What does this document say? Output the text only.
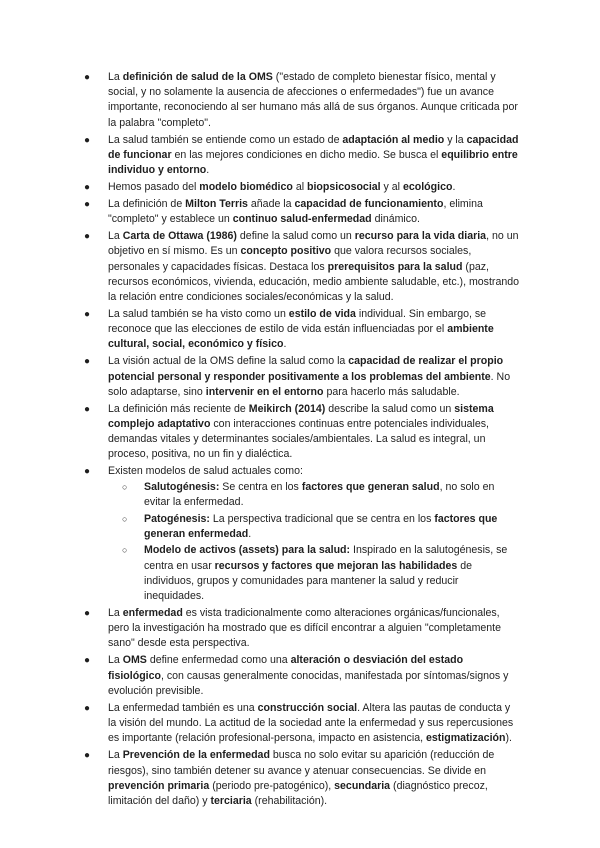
● La definición de salud de la OMS ("estado de completo bienestar físico, mental y social, y no solamente la ausencia de afecciones o enfermedades") fue un avance importante, reconociendo al ser humano más allá de sus órganos. Aunque criticada por la palabra "completo".
● La salud también se entiende como un estado de adaptación al medio y la capacidad de funcionar en las mejores condiciones en dicho medio. Se busca el equilibrio entre individuo y entorno.
● Hemos pasado del modelo biomédico al biopsicosocial y al ecológico.
● La definición de Milton Terris añade la capacidad de funcionamiento, elimina "completo" y establece un continuo salud-enfermedad dinámico.
● La Carta de Ottawa (1986) define la salud como un recurso para la vida diaria, no un objetivo en sí mismo. Es un concepto positivo que valora recursos sociales, personales y capacidades físicas. Destaca los prerequisitos para la salud (paz, recursos económicos, vivienda, educación, medio ambiente saludable, etc.), mostrando la relación entre condiciones sociales/económicas y la salud.
● La salud también se ha visto como un estilo de vida individual. Sin embargo, se reconoce que las elecciones de estilo de vida están influenciadas por el ambiente cultural, social, económico y físico.
● La visión actual de la OMS define la salud como la capacidad de realizar el propio potencial personal y responder positivamente a los problemas del ambiente. No solo adaptarse, sino intervenir en el entorno para hacerlo más saludable.
● La definición más reciente de Meikirch (2014) describe la salud como un sistema complejo adaptativo con interacciones continuas entre potenciales individuales, demandas vitales y determinantes sociales/ambientales. La salud es integral, un proceso, positiva, no un fin y dialéctica.
● Existen modelos de salud actuales como:
○ Salutogénesis: Se centra en los factores que generan salud, no solo en evitar la enfermedad.
○ Patogénesis: La perspectiva tradicional que se centra en los factores que generan enfermedad.
○ Modelo de activos (assets) para la salud: Inspirado en la salutogénesis, se centra en usar recursos y factores que mejoran las habilidades de individuos, grupos y comunidades para mantener la salud y reducir inequidades.
● La enfermedad es vista tradicionalmente como alteraciones orgánicas/funcionales, pero la investigación ha mostrado que es difícil encontrar a alguien "completamente sano" desde esta perspectiva.
● La OMS define enfermedad como una alteración o desviación del estado fisiológico, con causas generalmente conocidas, manifestada por síntomas/signos y evolución previsible.
● La enfermedad también es una construcción social. Altera las pautas de conducta y la visión del mundo. La actitud de la sociedad ante la enfermedad y sus repercusiones es importante (relación profesional-persona, impacto en asistencia, estigmatización).
● La Prevención de la enfermedad busca no solo evitar su aparición (reducción de riesgos), sino también detener su avance y atenuar consecuencias. Se divide en prevención primaria (periodo pre-patogénico), secundaria (diagnóstico precoz, limitación del daño) y terciaria (rehabilitación).
